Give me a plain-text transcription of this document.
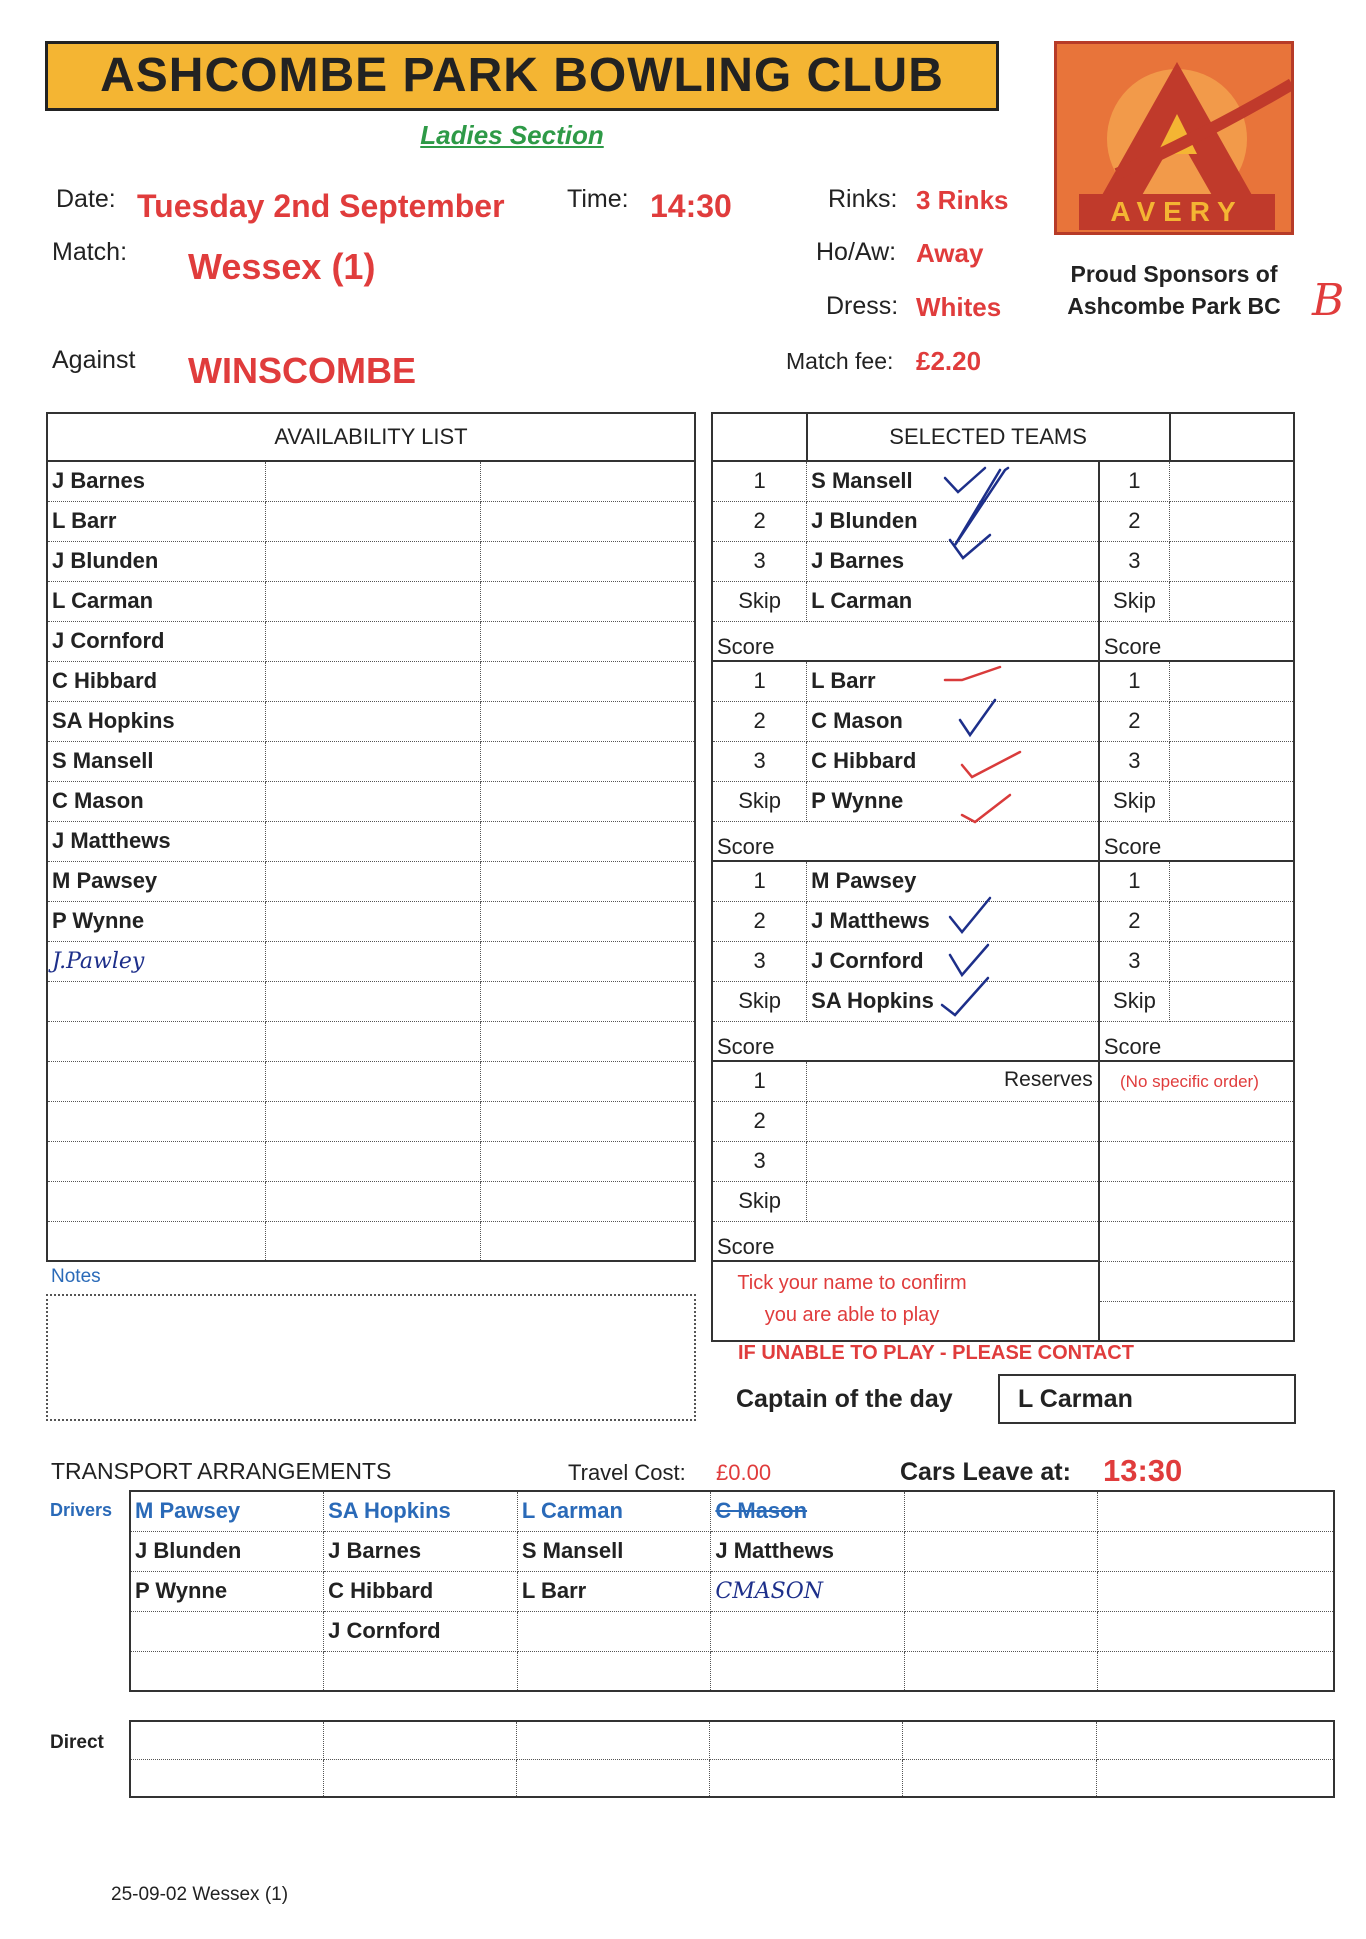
ASHCOMBE PARK BOWLING CLUB
Ladies Section
AVERY
Proud Sponsors of Ashcombe Park BC B
Date: Tuesday 2nd September Time: 14:30	Rinks: 3 Rinks
Match: Wessex (1)	Ho/Aw: Away
Dress: Whites
Against WINSCOMBE	Match fee: £2.20
AVAILABILITY LIST		
J Barnes		
L Barr		
J Blunden		
L Carman		
J Cornford		
C Hibbard		
SA Hopkins		
S Mansell		
C Mason		
J Matthews		
M Pawsey		
P Wynne		
J.Pawley		

	SELECTED TEAMS		
1	S Mansell	1	
2	J Blunden	2	
3	J Barnes	3	
Skip	L Carman	Skip	
Score		Score	
1	L Barr	1	
2	C Mason	2	
3	C Hibbard	3	
Skip	P Wynne	Skip	
Score		Score	
1	M Pawsey	1	
2	J Matthews	2	
3	J Cornford	3	
Skip	SA Hopkins	Skip	
Score		Score	
1			
2			
3			
Skip			
Score			

Reserves (No specific order)
Notes	Tick your name to confirm
you are able to play
IF UNABLE TO PLAY - PLEASE CONTACT
Captain of the day	L Carman
TRANSPORT ARRANGEMENTS	Travel Cost: £0.00	Cars Leave at: 13:30
Drivers M Pawsey	SA Hopkins	L Carman	C Mason		
J Blunden	J Barnes	S Mansell	J Matthews		
P Wynne	C Hibbard	L Barr	CMASON		
	J Cornford				

Direct

25-09-02 Wessex (1)
